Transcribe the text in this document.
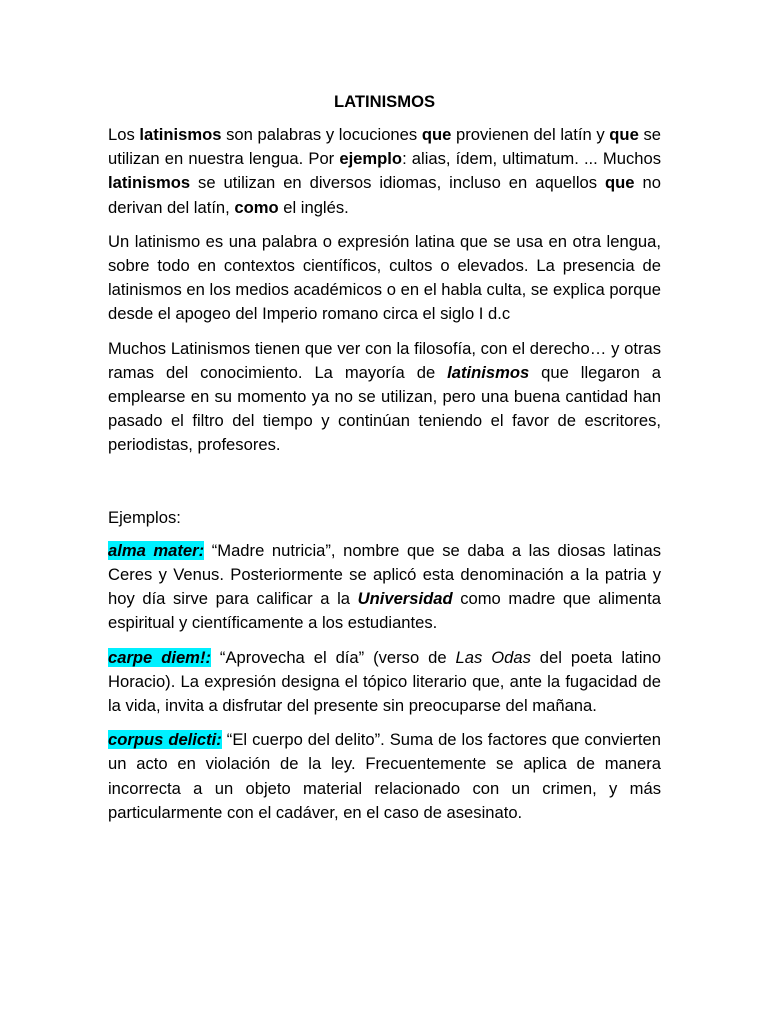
LATINISMOS

Los latinismos son palabras y locuciones que provienen del latín y que se utilizan en nuestra lengua. Por ejemplo: alias, ídem, ultimatum. ... Muchos latinismos se utilizan en diversos idiomas, incluso en aquellos que no derivan del latín, como el inglés.

Un latinismo es una palabra o expresión latina que se usa en otra lengua, sobre todo en contextos científicos, cultos o elevados. La presencia de latinismos en los medios académicos o en el habla culta, se explica porque desde el apogeo del Imperio romano circa el siglo I d.c

Muchos Latinismos tienen que ver con la filosofía, con el derecho… y otras ramas del conocimiento. La mayoría de latinismos que llegaron a emplearse en su momento ya no se utilizan, pero una buena cantidad han pasado el filtro del tiempo y continúan teniendo el favor de escritores, periodistas, profesores.

Ejemplos:

alma mater: “Madre nutricia”, nombre que se daba a las diosas latinas Ceres y Venus. Posteriormente se aplicó esta denominación a la patria y hoy día sirve para calificar a la Universidad como madre que alimenta espiritual y científicamente a los estudiantes.

carpe diem!: “Aprovecha el día” (verso de Las Odas del poeta latino Horacio). La expresión designa el tópico literario que, ante la fugacidad de la vida, invita a disfrutar del presente sin preocuparse del mañana.

corpus delicti: “El cuerpo del delito”. Suma de los factores que convierten un acto en violación de la ley. Frecuentemente se aplica de manera incorrecta a un objeto material relacionado con un crimen, y más particularmente con el cadáver, en el caso de asesinato.
